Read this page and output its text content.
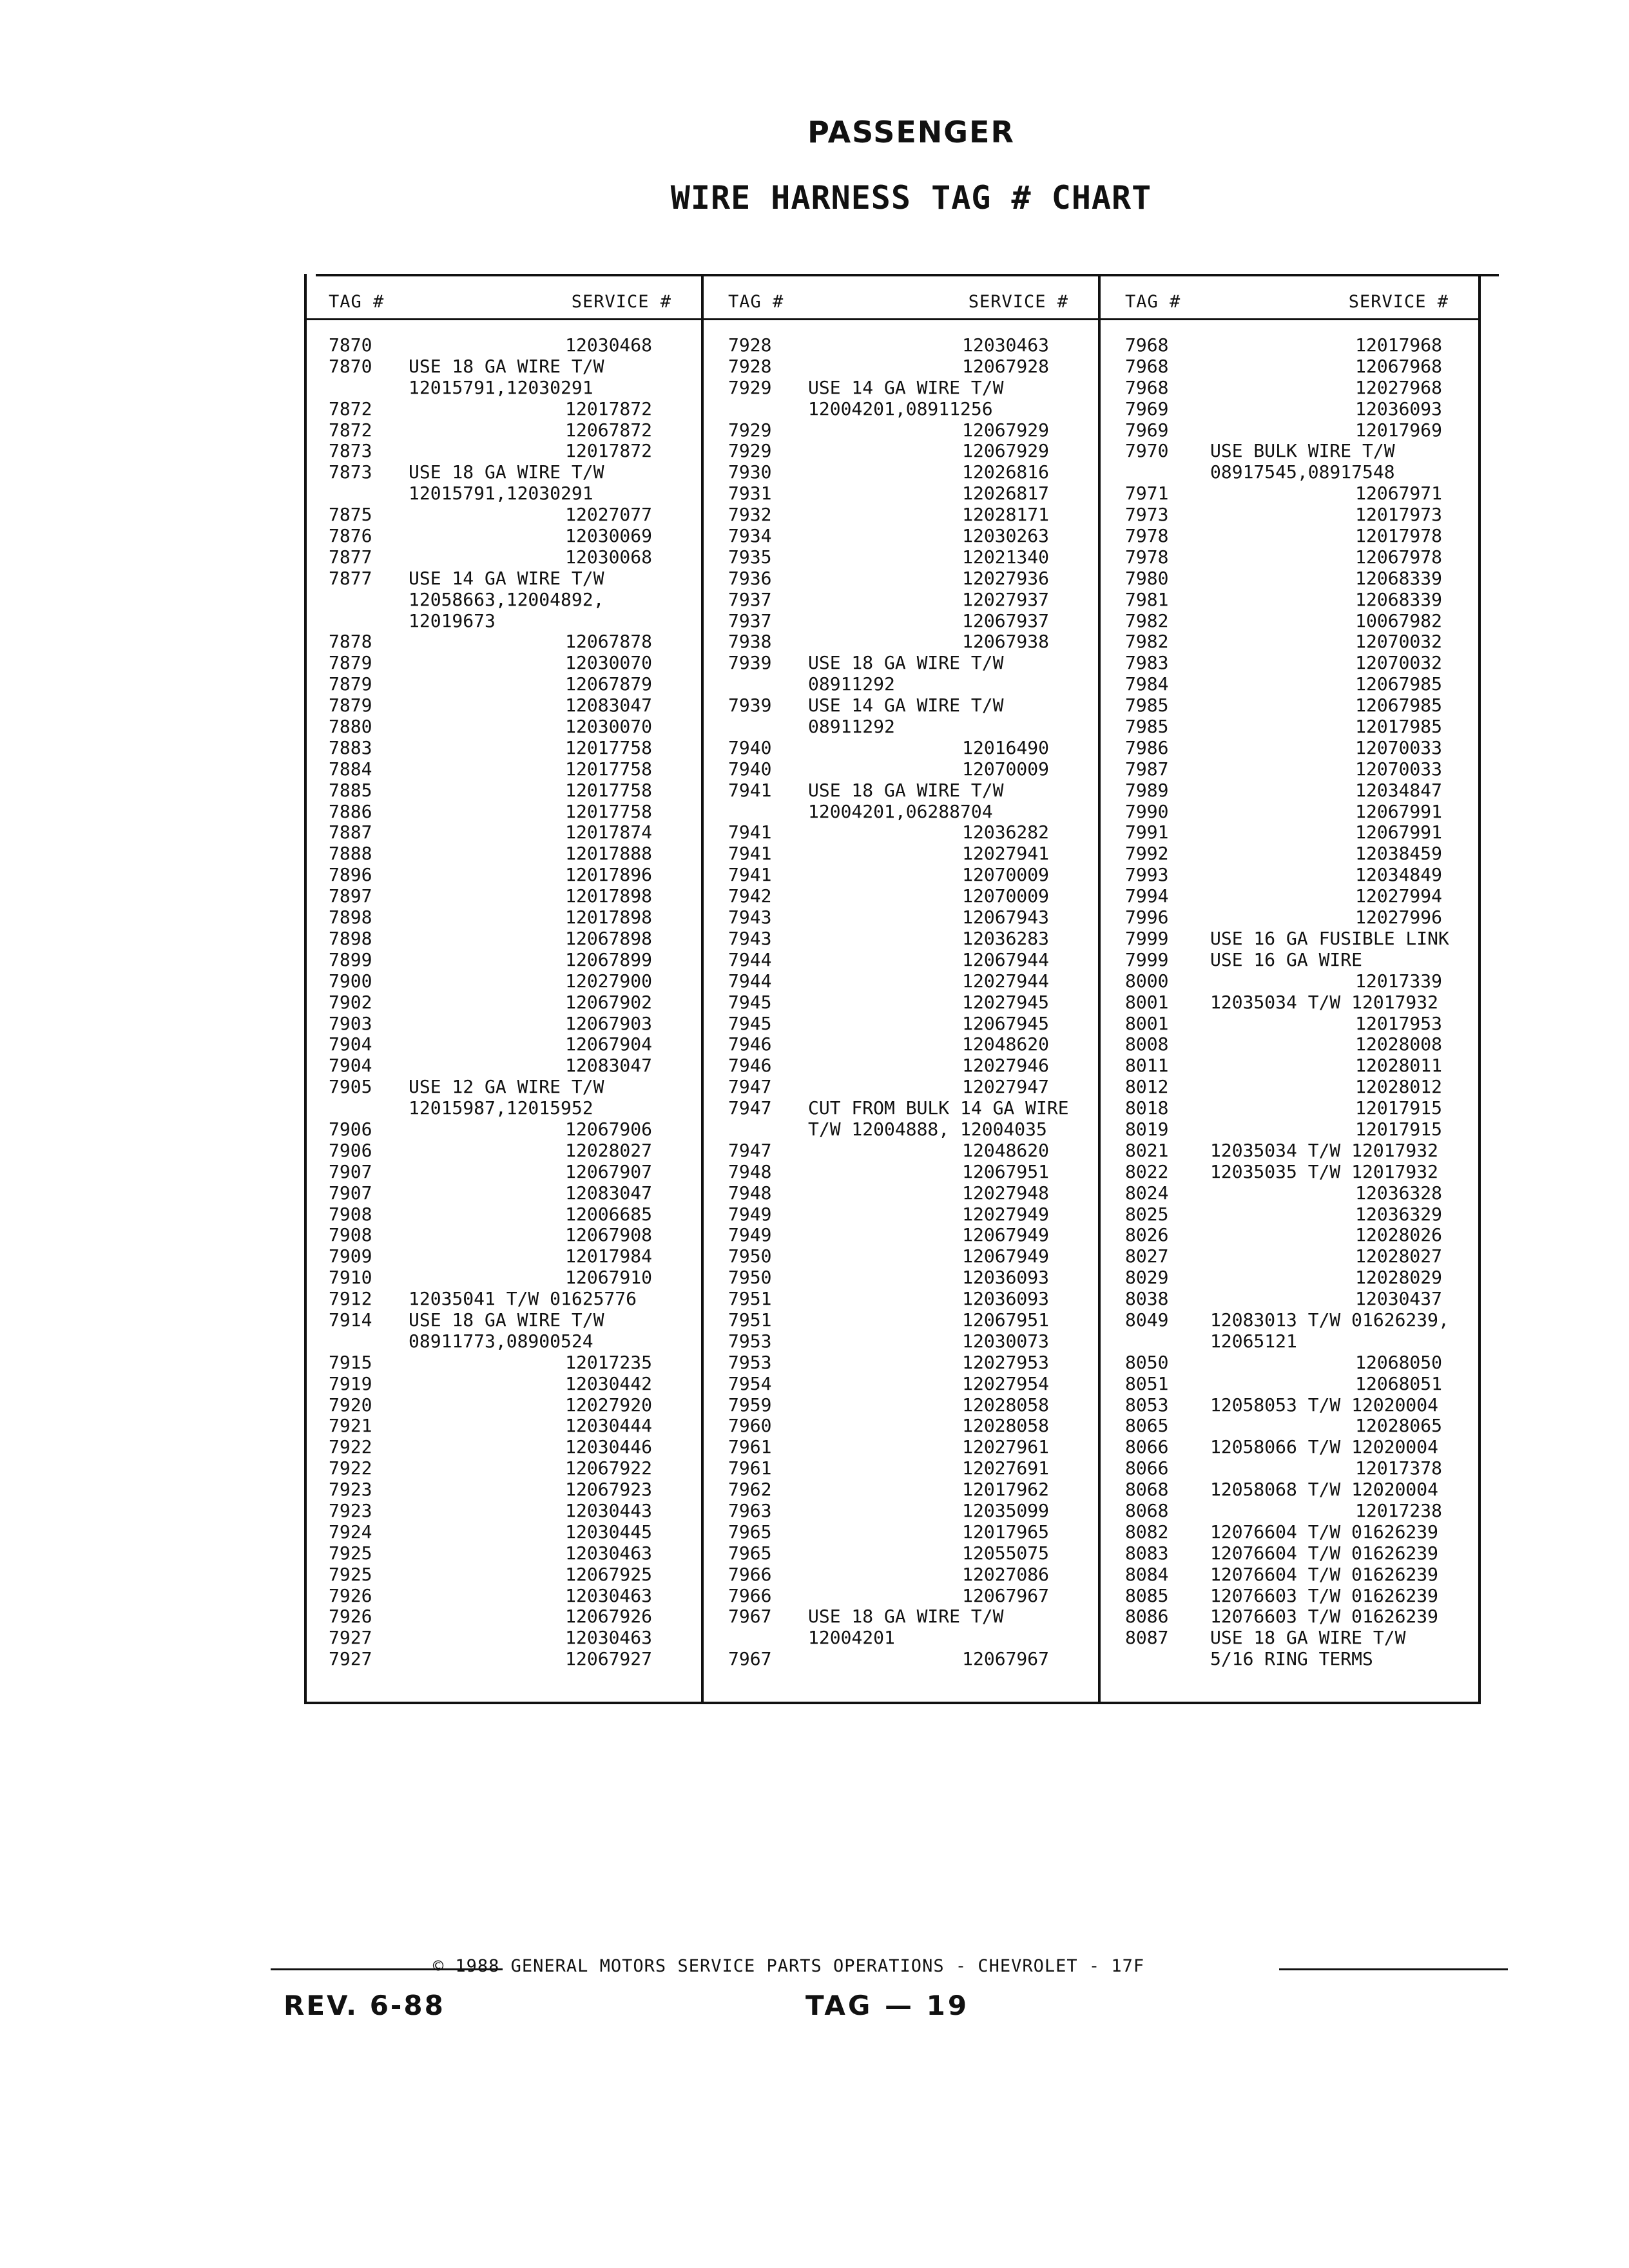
PASSENGER
WIRE HARNESS TAG # CHART
TAG #	SERVICE #
7870	12030468
7870 USE 18 GA WIRE T/W
12015791,12030291
7872	12017872
7872	12067872
7873	12017872
7873 USE 18 GA WIRE T/W
12015791,12030291
7875	12027077
7876	12030069
7877	12030068
7877 USE 14 GA WIRE T/W
12058663,12004892,
12019673
7878	12067878
7879	12030070
7879	12067879
7879	12083047
7880	12030070
7883	12017758
7884	12017758
7885	12017758
7886	12017758
7887	12017874
7888	12017888
7896	12017896
7897	12017898
7898	12017898
7898	12067898
7899	12067899
7900	12027900
7902	12067902
7903	12067903
7904	12067904
7904	12083047
7905 USE 12 GA WIRE T/W
12015987,12015952
7906	12067906
7906	12028027
7907	12067907
7907	12083047
7908	12006685
7908	12067908
7909	12017984
7910	12067910
7912 12035041 T/W 01625776
7914 USE 18 GA WIRE T/W
08911773,08900524
7915	12017235
7919	12030442
7920	12027920
7921	12030444
7922	12030446
7922	12067922
7923	12067923
7923	12030443
7924	12030445
7925	12030463
7925	12067925
7926	12030463
7926	12067926
7927	12030463
7927	12067927
TAG #	SERVICE #
7928	12030463
7928	12067928
7929 USE 14 GA WIRE T/W
12004201,08911256
7929	12067929
7929	12067929
7930	12026816
7931	12026817
7932	12028171
7934	12030263
7935	12021340
7936	12027936
7937	12027937
7937	12067937
7938	12067938
7939 USE 18 GA WIRE T/W
08911292
7939 USE 14 GA WIRE T/W
08911292
7940	12016490
7940	12070009
7941 USE 18 GA WIRE T/W
12004201,06288704
7941	12036282
7941	12027941
7941	12070009
7942	12070009
7943	12067943
7943	12036283
7944	12067944
7944	12027944
7945	12027945
7945	12067945
7946	12048620
7946	12027946
7947	12027947
7947 CUT FROM BULK 14 GA WIRE
T/W 12004888, 12004035
7947	12048620
7948	12067951
7948	12027948
7949	12027949
7949	12067949
7950	12067949
7950	12036093
7951	12036093
7951	12067951
7953	12030073
7953	12027953
7954	12027954
7959	12028058
7960	12028058
7961	12027961
7961	12027691
7962	12017962
7963	12035099
7965	12017965
7965	12055075
7966	12027086
7966	12067967
7967 USE 18 GA WIRE T/W
12004201
7967	12067967
TAG #	SERVICE #
7968	12017968
7968	12067968
7968	12027968
7969	12036093
7969	12017969
7970 USE BULK WIRE T/W
08917545,08917548
7971	12067971
7973	12017973
7978	12017978
7978	12067978
7980	12068339
7981	12068339
7982	10067982
7982	12070032
7983	12070032
7984	12067985
7985	12067985
7985	12017985
7986	12070033
7987	12070033
7989	12034847
7990	12067991
7991	12067991
7992	12038459
7993	12034849
7994	12027994
7996	12027996
7999 USE 16 GA FUSIBLE LINK
7999 USE 16 GA WIRE
8000	12017339
8001 12035034 T/W 12017932
8001	12017953
8008	12028008
8011	12028011
8012	12028012
8018	12017915
8019	12017915
8021 12035034 T/W 12017932
8022 12035035 T/W 12017932
8024	12036328
8025	12036329
8026	12028026
8027	12028027
8029	12028029
8038	12030437
8049 12083013 T/W 01626239,
12065121
8050	12068050
8051	12068051
8053 12058053 T/W 12020004
8065	12028065
8066 12058066 T/W 12020004
8066	12017378
8068 12058068 T/W 12020004
8068	12017238
8082 12076604 T/W 01626239
8083 12076604 T/W 01626239
8084 12076604 T/W 01626239
8085 12076603 T/W 01626239
8086 12076603 T/W 01626239
8087 USE 18 GA WIRE T/W
5/16 RING TERMS
© 1988 GENERAL MOTORS SERVICE PARTS OPERATIONS - CHEVROLET - 17F
REV. 6-88	TAG — 19
